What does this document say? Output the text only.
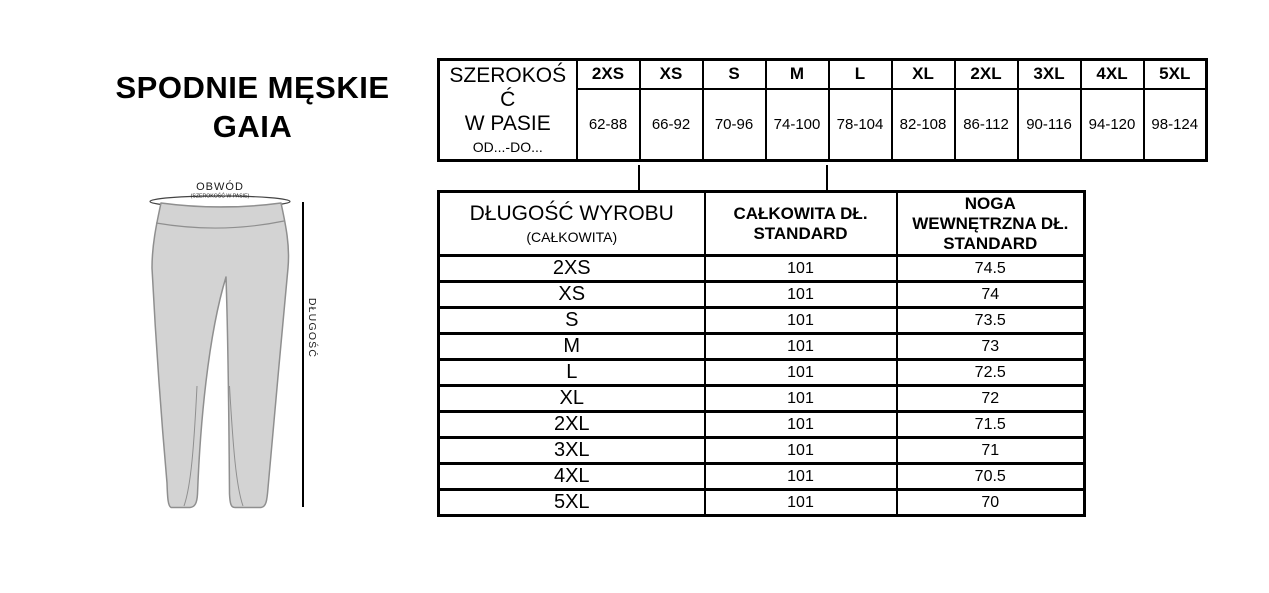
SPODNIE MĘSKIE
GAIA
OBWÓD
(SZEROKOŚĆ W PASIE)
DŁUGOŚĆ
SZEROKOŚ
Ć
W PASIE
OD...-DO...	2XS	XS	S	M	L	XL	2XL	3XL	4XL	5XL
	62-88	66-92	70-96	74-100	78-104	82-108	86-112	90-116	94-120	98-124
DŁUGOŚĆ WYROBU
(CAŁKOWITA)

CAŁKOWITA DŁ.
STANDARD

NOGA
WEWNĘTRZNA DŁ.
STANDARD

2XS	101	74.5
XS	101	74
S	101	73.5
M	101	73
L	101	72.5
XL	101	72
2XL	101	71.5
3XL	101	71
4XL	101	70.5
5XL	101	70
